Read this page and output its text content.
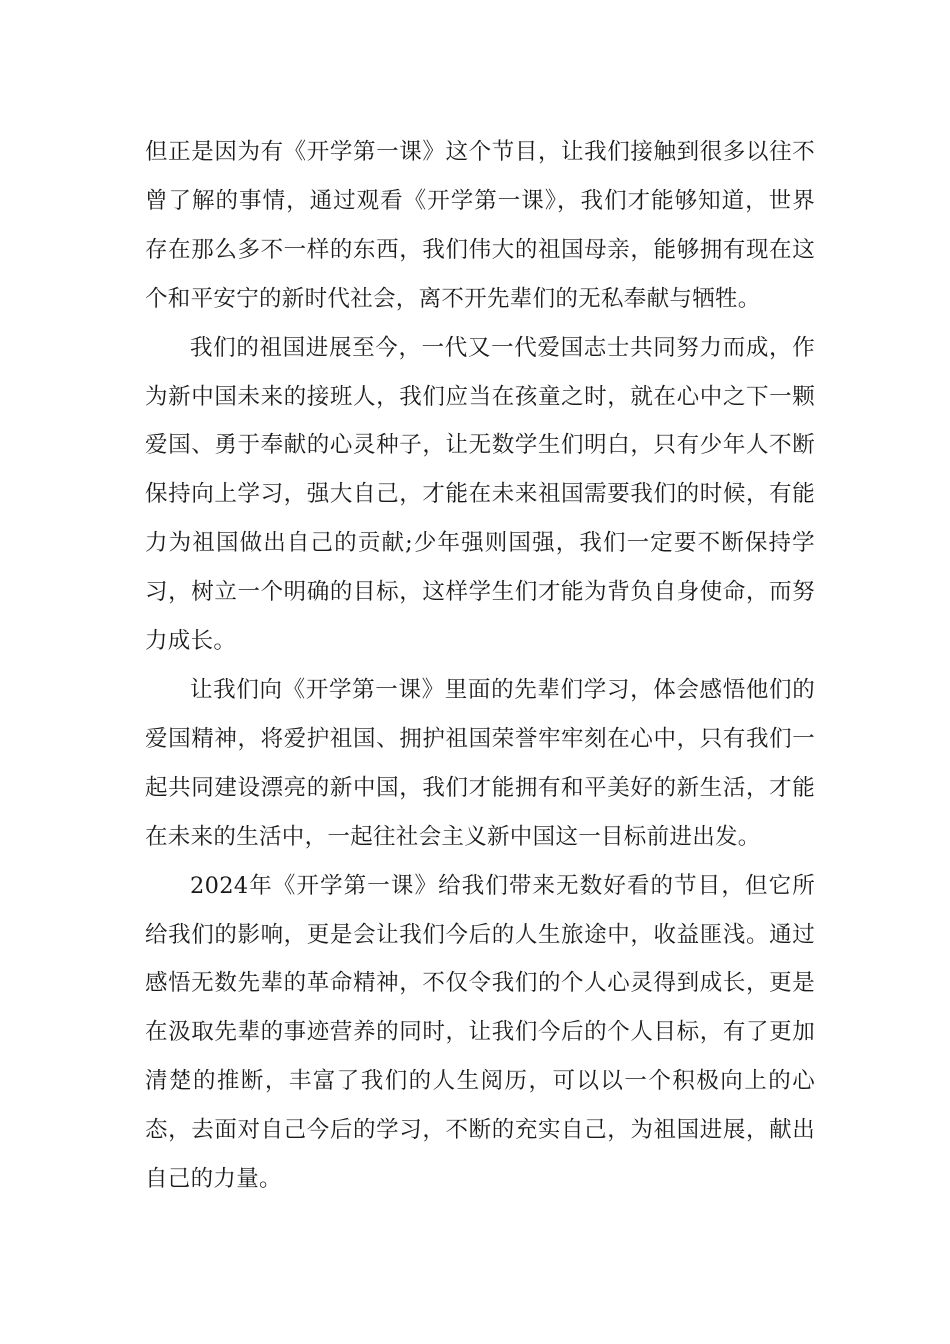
但正是因为有《开学第一课》这个节目，让我们接触到很多以往不曾了解的事情，通过观看《开学第一课》，我们才能够知道，世界存在那么多不一样的东西，我们伟大的祖国母亲，能够拥有现在这个和平安宁的新时代社会，离不开先辈们的无私奉献与牺牲。

我们的祖国进展至今，一代又一代爱国志士共同努力而成，作为新中国未来的接班人，我们应当在孩童之时，就在心中之下一颗爱国、勇于奉献的心灵种子，让无数学生们明白，只有少年人不断保持向上学习，强大自己，才能在未来祖国需要我们的时候，有能力为祖国做出自己的贡献;少年强则国强，我们一定要不断保持学习，树立一个明确的目标，这样学生们才能为背负自身使命，而努力成长。

让我们向《开学第一课》里面的先辈们学习，体会感悟他们的爱国精神，将爱护祖国、拥护祖国荣誉牢牢刻在心中，只有我们一起共同建设漂亮的新中国，我们才能拥有和平美好的新生活，才能在未来的生活中，一起往社会主义新中国这一目标前进出发。

2024年《开学第一课》给我们带来无数好看的节目，但它所给我们的影响，更是会让我们今后的人生旅途中，收益匪浅。通过感悟无数先辈的革命精神，不仅令我们的个人心灵得到成长，更是在汲取先辈的事迹营养的同时，让我们今后的个人目标，有了更加清楚的推断，丰富了我们的人生阅历，可以以一个积极向上的心态，去面对自己今后的学习，不断的充实自己，为祖国进展，献出自己的力量。
